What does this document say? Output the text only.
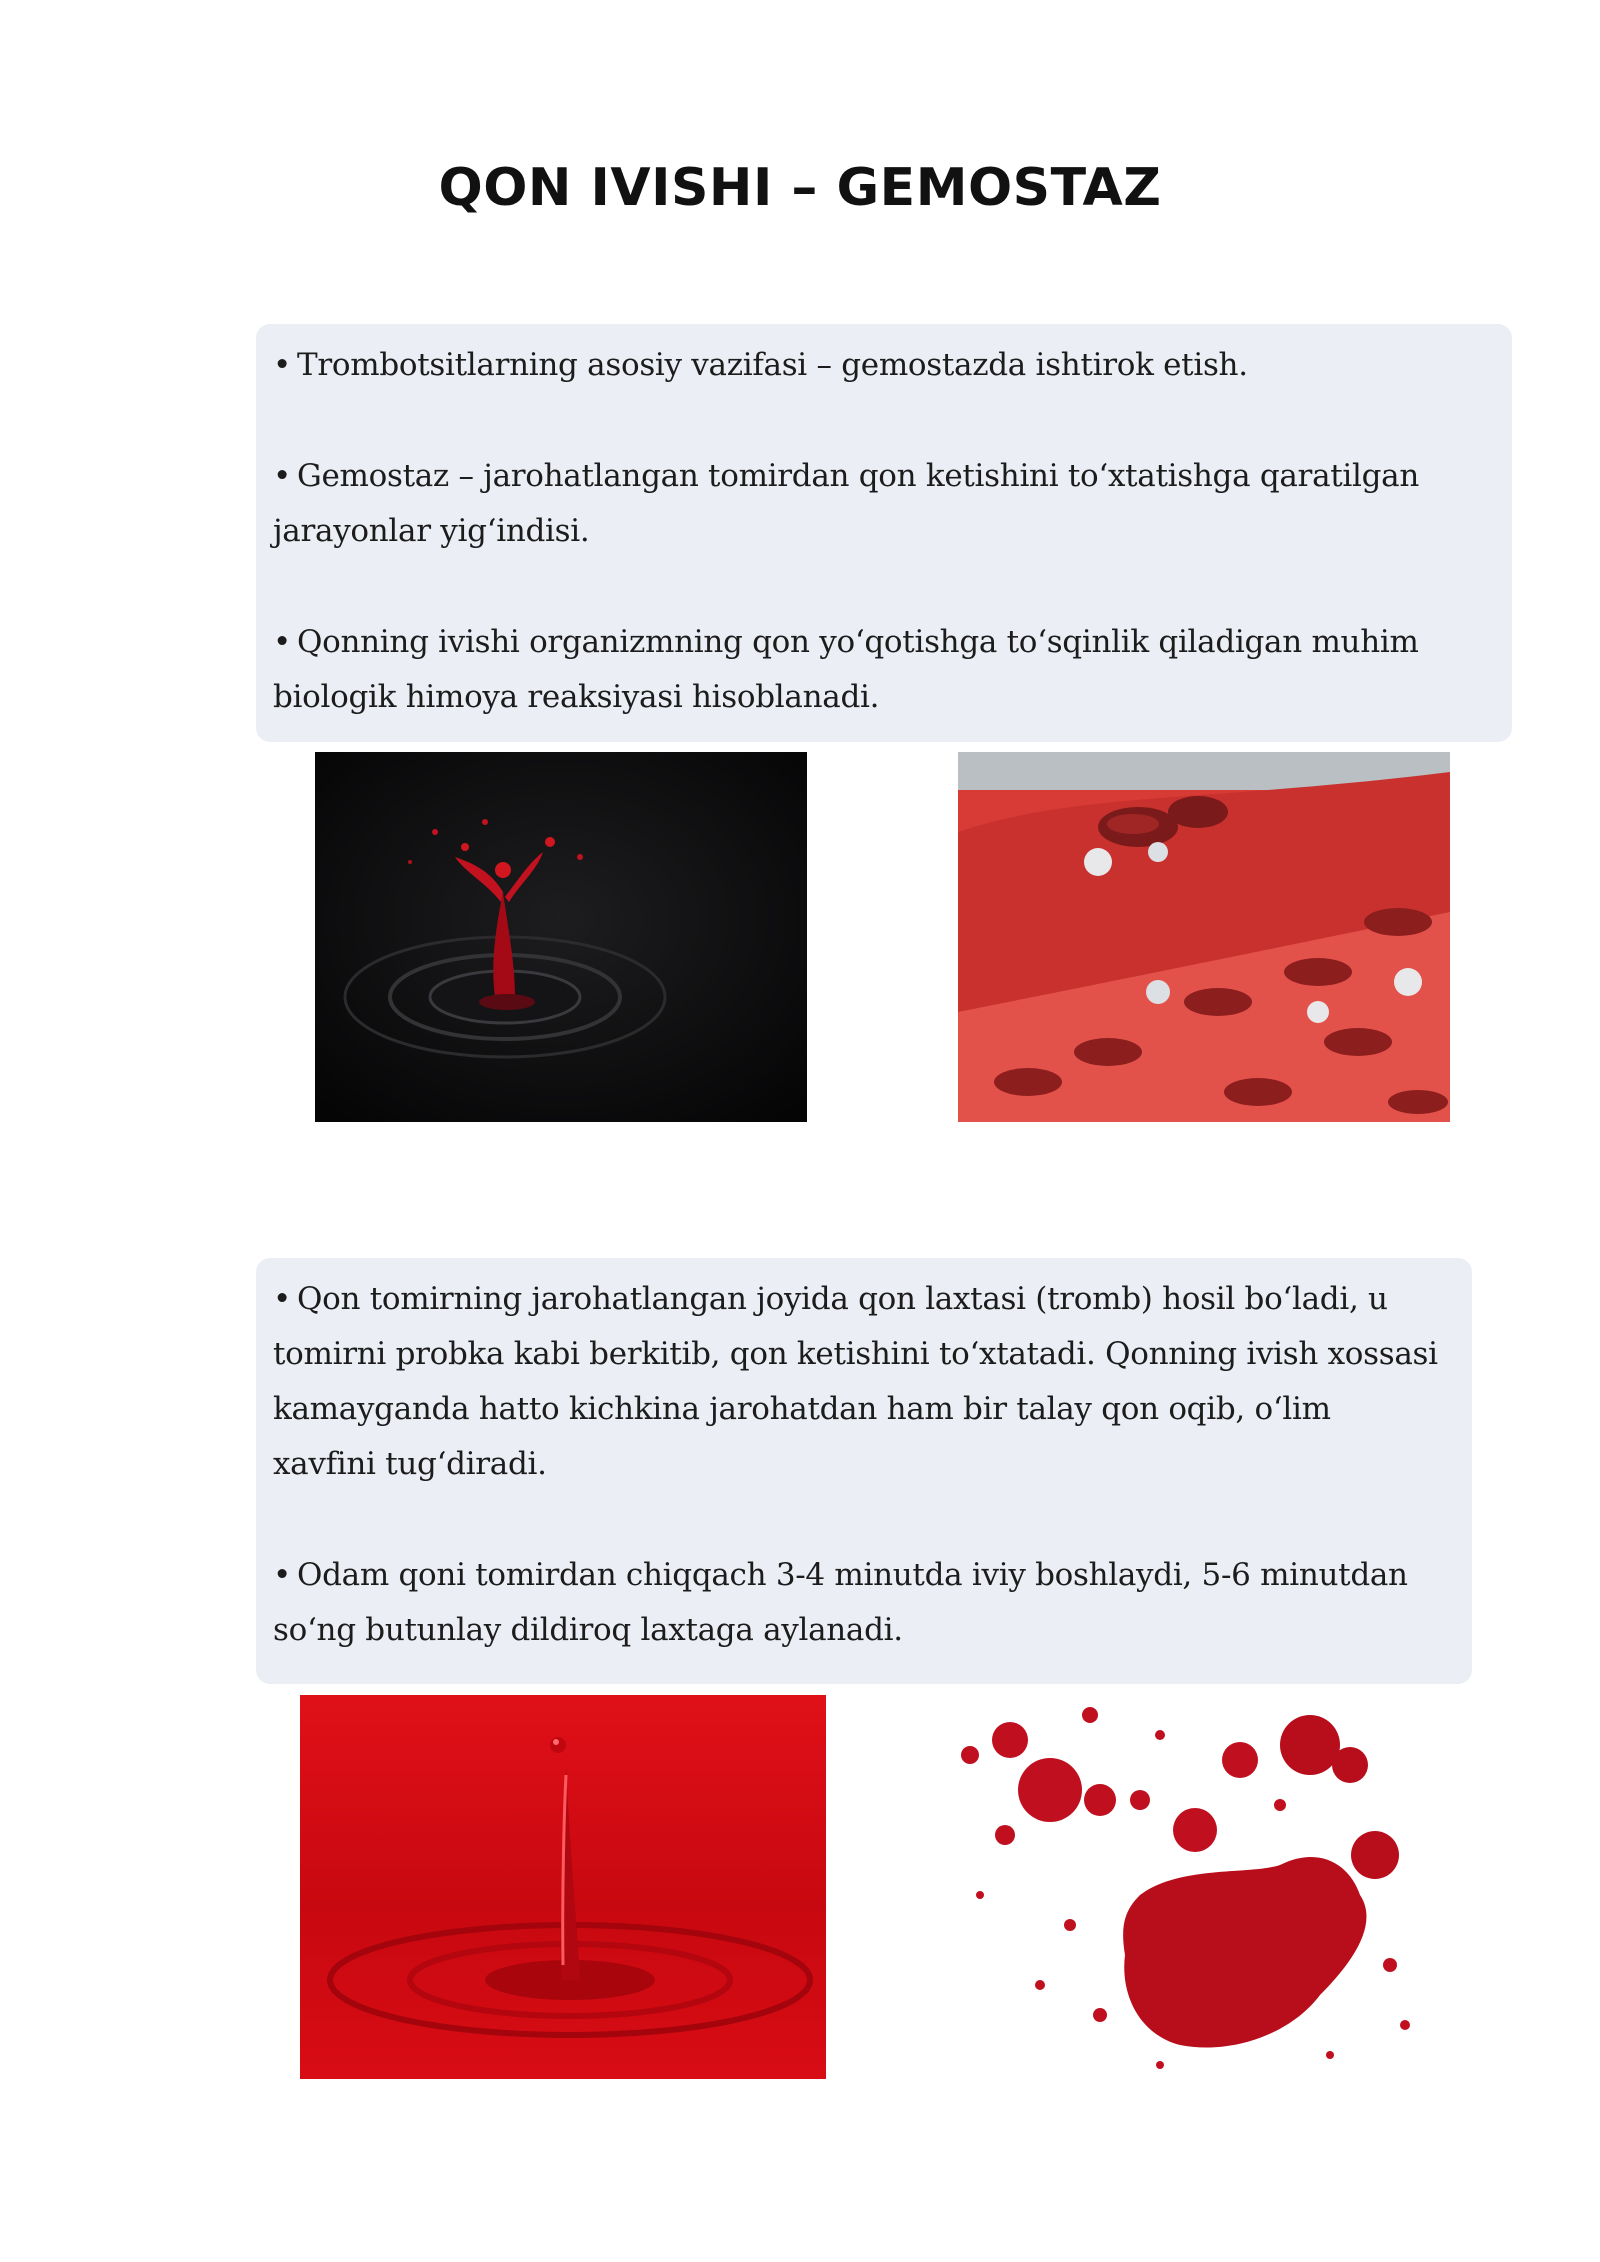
QON IVISHI – GEMOSTAZ

• Trombotsitlarning asosiy vazifasi – gemostazda ishtirok etish.

• Gemostaz – jarohatlangan tomirdan qon ketishini to‘xtatishga qaratilgan jarayonlar yig‘indisi.

• Qonning ivishi organizmning qon yo‘qotishga to‘sqinlik qiladigan muhim biologik himoya reaksiyasi hisoblanadi.

• Qon tomirning jarohatlangan joyida qon laxtasi (tromb) hosil bo‘ladi, u tomirni probka kabi berkitib, qon ketishini to‘xtatadi. Qonning ivish xossasi kamayganda hatto kichkina jarohatdan ham bir talay qon oqib, o‘lim xavfini tug‘diradi.

• Odam qoni tomirdan chiqqach 3-4 minutda iviy boshlaydi, 5-6 minutdan so‘ng butunlay dildiroq laxtaga aylanadi.
